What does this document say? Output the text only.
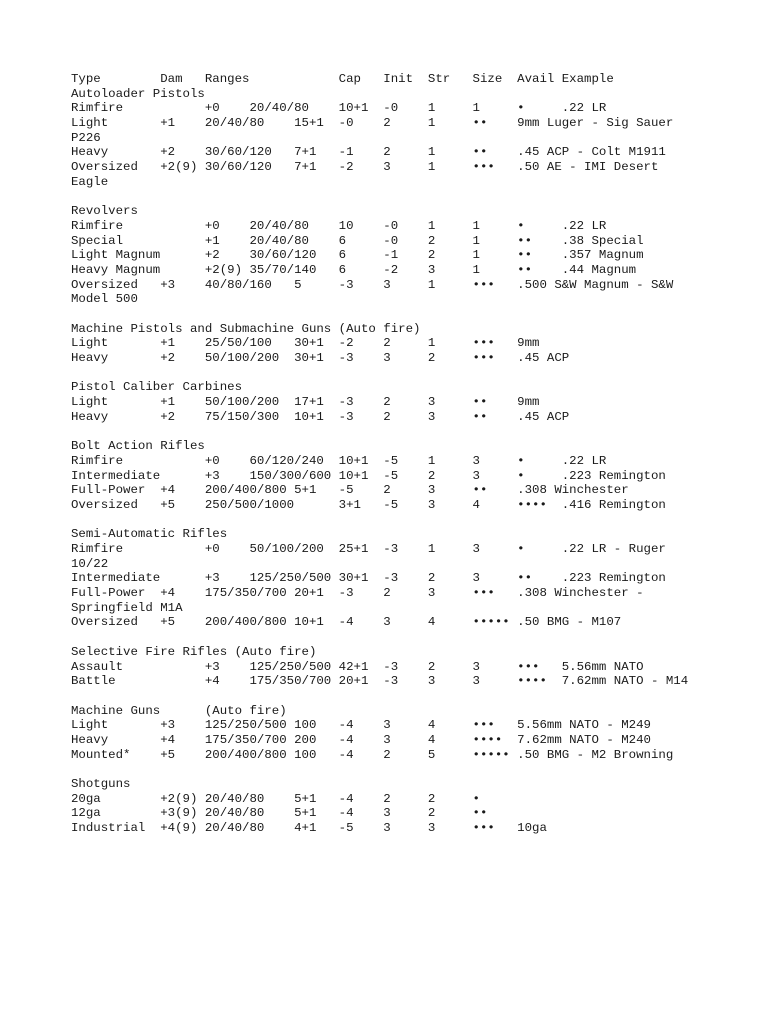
Type        Dam   Ranges            Cap   Init  Str   Size  Avail Example
Autoloader Pistols
Rimfire           +0    20/40/80    10+1  -0    1     1     •     .22 LR
Light       +1    20/40/80    15+1  -0    2     1     ••    9mm Luger - Sig Sauer
P226
Heavy       +2    30/60/120   7+1   -1    2     1     ••    .45 ACP - Colt M1911
Oversized   +2(9) 30/60/120   7+1   -2    3     1     •••   .50 AE - IMI Desert
Eagle
Revolvers
Rimfire           +0    20/40/80    10    -0    1     1     •     .22 LR
Special           +1    20/40/80    6     -0    2     1     ••    .38 Special
Light Magnum      +2    30/60/120   6     -1    2     1     ••    .357 Magnum
Heavy Magnum      +2(9) 35/70/140   6     -2    3     1     ••    .44 Magnum
Oversized   +3    40/80/160   5     -3    3     1     •••   .500 S&W Magnum - S&W
Model 500
Machine Pistols and Submachine Guns (Auto fire)
Light       +1    25/50/100   30+1  -2    2     1     •••   9mm
Heavy       +2    50/100/200  30+1  -3    3     2     •••   .45 ACP
Pistol Caliber Carbines
Light       +1    50/100/200  17+1  -3    2     3     ••    9mm
Heavy       +2    75/150/300  10+1  -3    2     3     ••    .45 ACP
Bolt Action Rifles
Rimfire           +0    60/120/240  10+1  -5    1     3     •     .22 LR
Intermediate      +3    150/300/600 10+1  -5    2     3     •     .223 Remington
Full-Power  +4    200/400/800 5+1   -5    2     3     ••    .308 Winchester
Oversized   +5    250/500/1000      3+1   -5    3     4     ••••  .416 Remington
Semi-Automatic Rifles
Rimfire           +0    50/100/200  25+1  -3    1     3     •     .22 LR - Ruger
10/22
Intermediate      +3    125/250/500 30+1  -3    2     3     ••    .223 Remington
Full-Power  +4    175/350/700 20+1  -3    2     3     •••   .308 Winchester -
Springfield M1A
Oversized   +5    200/400/800 10+1  -4    3     4     ••••• .50 BMG - M107
Selective Fire Rifles (Auto fire)
Assault           +3    125/250/500 42+1  -3    2     3     •••   5.56mm NATO
Battle            +4    175/350/700 20+1  -3    3     3     ••••  7.62mm NATO - M14
Machine Guns      (Auto fire)
Light       +3    125/250/500 100   -4    3     4     •••   5.56mm NATO - M249
Heavy       +4    175/350/700 200   -4    3     4     ••••  7.62mm NATO - M240
Mounted*    +5    200/400/800 100   -4    2     5     ••••• .50 BMG - M2 Browning
Shotguns
20ga        +2(9) 20/40/80    5+1   -4    2     2     •
12ga        +3(9) 20/40/80    5+1   -4    3     2     ••
Industrial  +4(9) 20/40/80    4+1   -5    3     3     •••   10ga
